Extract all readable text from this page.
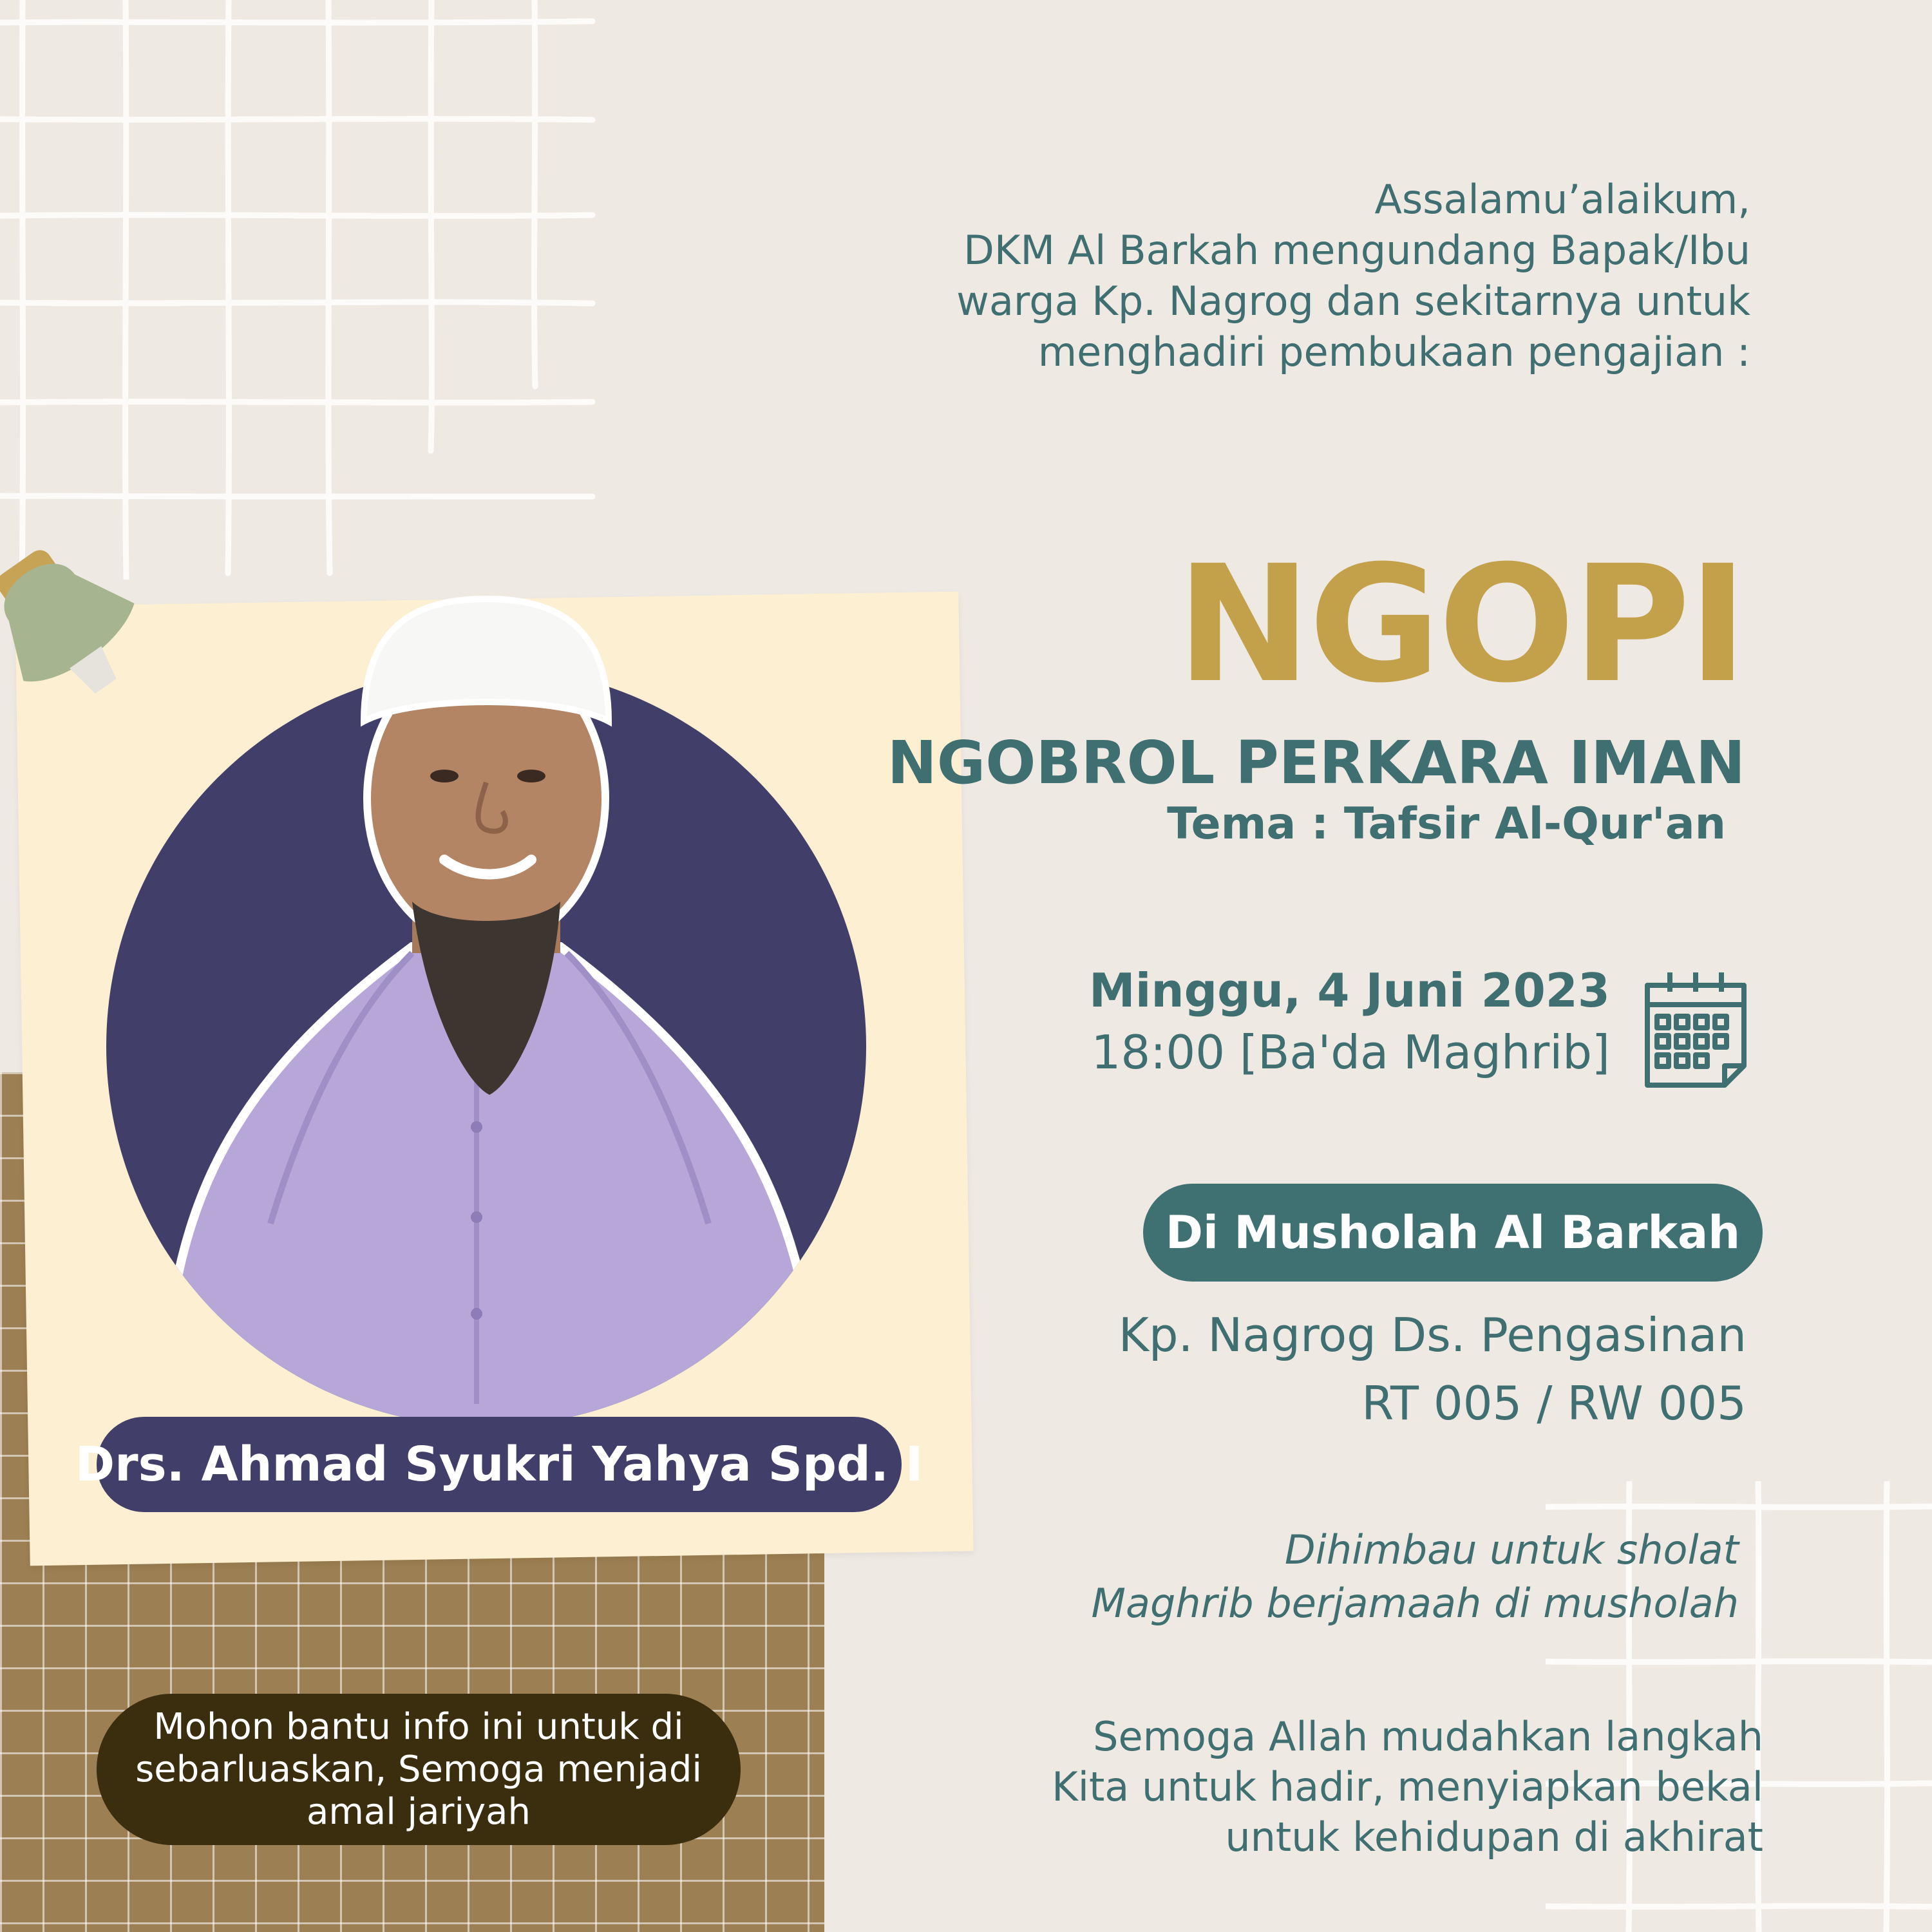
Drs. Ahmad Syukri Yahya Spd. I
Mohon bantu info ini untuk di sebarluaskan, Semoga menjadi amal jariyah
Assalamu’alaikum,
DKM Al Barkah mengundang Bapak/Ibu
warga Kp. Nagrog dan sekitarnya untuk
menghadiri pembukaan pengajian :
NGOPI
NGOBROL PERKARA IMAN
Tema : Tafsir Al-Qur'an
Minggu, 4 Juni 2023
18:00 [Ba'da Maghrib]
Di Musholah Al Barkah
Kp. Nagrog Ds. Pengasinan
RT 005 / RW 005
Dihimbau untuk sholat
Maghrib berjamaah di musholah
Semoga Allah mudahkan langkah
Kita untuk hadir, menyiapkan bekal
untuk kehidupan di akhirat
